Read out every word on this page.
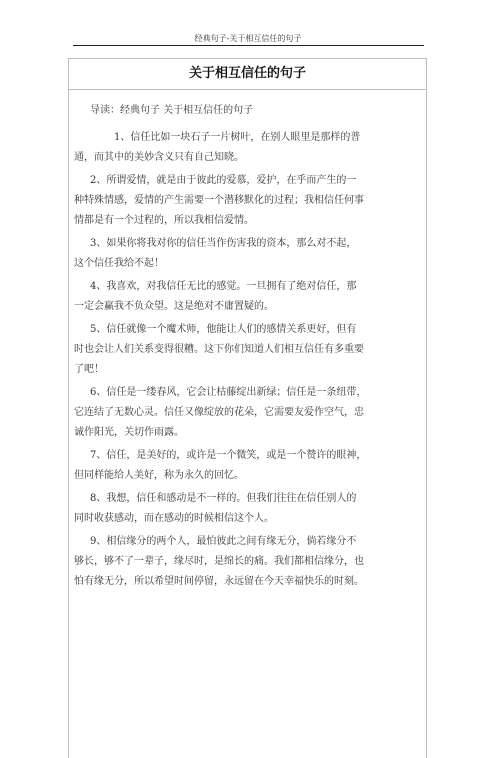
经典句子-关于相互信任的句子
关于相互信任的句子
导读：经典句子 关于相互信任的句子
1、信任比如一块石子一片树叶，在别人眼里是那样的普
通，而其中的美妙含义只有自己知晓。
2、所谓爱情，就是由于彼此的爱慕，爱护，在乎而产生的一
种特殊情感，爱情的产生需要一个潜移默化的过程；我相信任何事
情都是有一个过程的，所以我相信爱情。
3、如果你将我对你的信任当作伤害我的资本，那么对不起，
这个信任我给不起！
4、我喜欢，对我信任无比的感觉。一旦拥有了绝对信任，那
一定会赢我不负众望。这是绝对不庸置疑的。
5、信任就像一个魔术师，他能让人们的感情关系更好，但有
时也会让人们关系变得很糟。这下你们知道人们相互信任有多重要
了吧！
6、信任是一缕春风，它会让枯藤绽出新绿；信任是一条纽带，
它连结了无数心灵。信任又像绽放的花朵，它需要友爱作空气，忠
诚作阳光，关切作雨露。
7、信任，是美好的，或许是一个微笑，或是一个赞许的眼神，
但同样能给人美好，称为永久的回忆。
8、我想，信任和感动是不一样的。但我们往往在信任别人的
同时收获感动，而在感动的时候相信这个人。
9、相信缘分的两个人，最怕彼此之间有缘无分，倘若缘分不
够长，够不了一辈子，缘尽时，是绵长的痛。我们都相信缘分，也
怕有缘无分，所以希望时间停留，永远留在今天幸福快乐的时刻。
